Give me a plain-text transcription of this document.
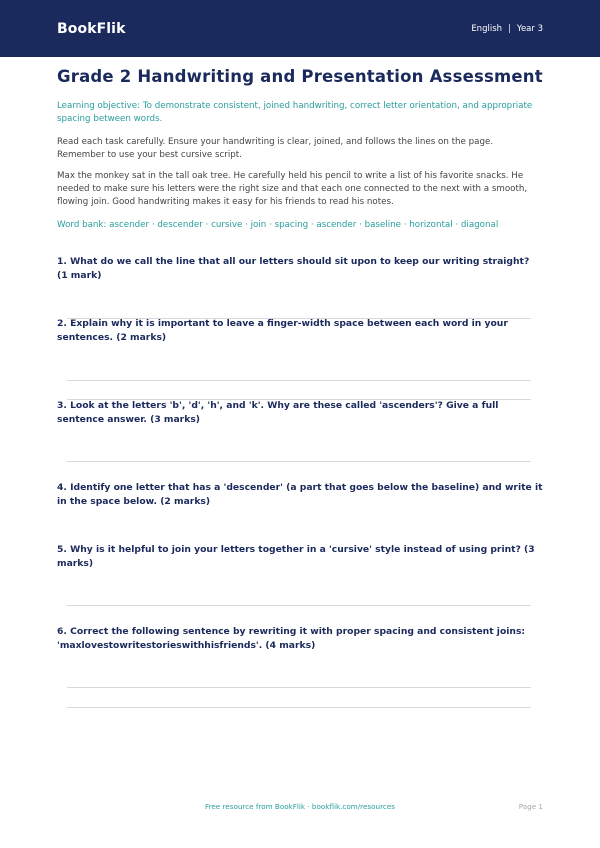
BookFlik	English | Year 3
Grade 2 Handwriting and Presentation Assessment

Learning objective: To demonstrate consistent, joined handwriting, correct letter orientation, and appropriate spacing between words.

Read each task carefully. Ensure your handwriting is clear, joined, and follows the lines on the page. Remember to use your best cursive script.

Max the monkey sat in the tall oak tree. He carefully held his pencil to write a list of his favorite snacks. He needed to make sure his letters were the right size and that each one connected to the next with a smooth, flowing join. Good handwriting makes it easy for his friends to read his notes.

Word bank: ascender · descender · cursive · join · spacing · ascender · baseline · horizontal · diagonal

1. What do we call the line that all our letters should sit upon to keep our writing straight? (1 mark)
2. Explain why it is important to leave a finger-width space between each word in your sentences. (2 marks)
3. Look at the letters 'b', 'd', 'h', and 'k'. Why are these called 'ascenders'? Give a full sentence answer. (3 marks)
4. Identify one letter that has a 'descender' (a part that goes below the baseline) and write it in the space below. (2 marks)
5. Why is it helpful to join your letters together in a 'cursive' style instead of using print? (3 marks)
6. Correct the following sentence by rewriting it with proper spacing and consistent joins: 'maxlovestowritestorieswithhisfriends'. (4 marks)
Free resource from BookFlik · bookflik.com/resources	Page 1
